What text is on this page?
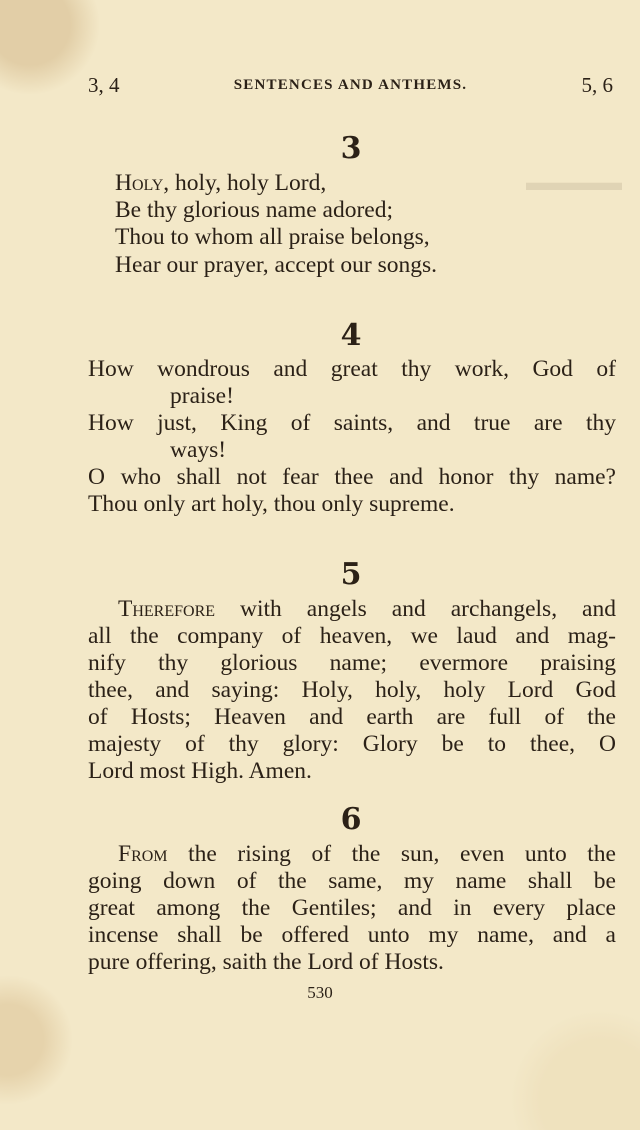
▬▬▬▬
3, 4	SENTENCES AND ANTHEMS.	5, 6
3
Holy, holy, holy Lord,
Be thy glorious name adored;
Thou to whom all praise belongs,
Hear our prayer, accept our songs.
4
How wondrous and great thy work, God of
praise!
How just, King of saints, and true are thy
ways!
O who shall not fear thee and honor thy name?
Thou only art holy, thou only supreme.
5
Therefore with angels and archangels, and
all the company of heaven, we laud and mag-
nify thy glorious name; evermore praising
thee, and saying: Holy, holy, holy Lord God
of Hosts; Heaven and earth are full of the
majesty of thy glory: Glory be to thee, O
Lord most High. Amen.
6
From the rising of the sun, even unto the
going down of the same, my name shall be
great among the Gentiles; and in every place
incense shall be offered unto my name, and a
pure offering, saith the Lord of Hosts.
530
